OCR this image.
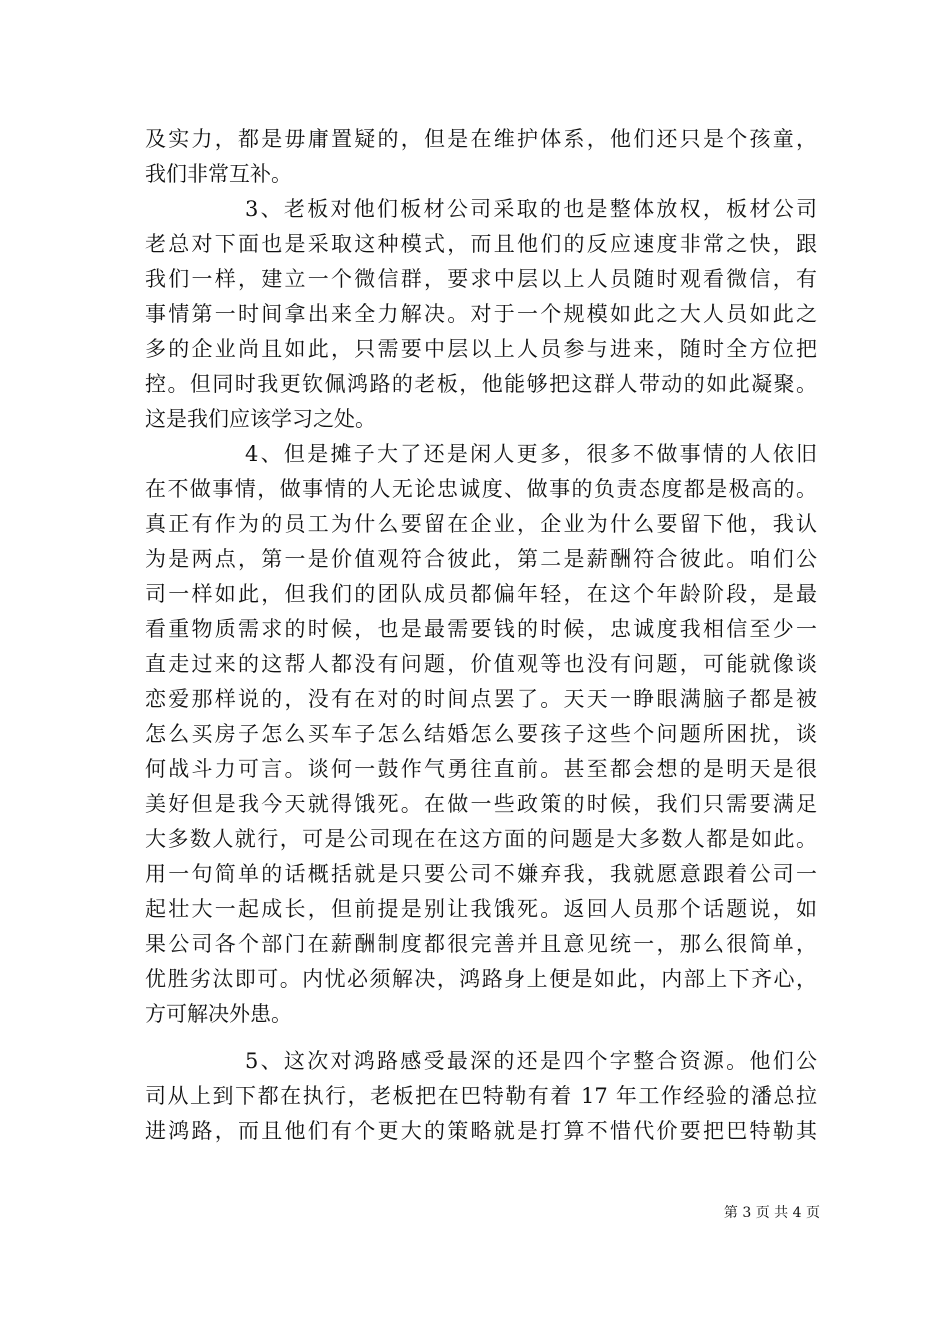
及实力，都是毋庸置疑的，但是在维护体系，他们还只是个孩童，
我们非常互补。
3、老板对他们板材公司采取的也是整体放权，板材公司
老总对下面也是采取这种模式，而且他们的反应速度非常之快，跟
我们一样，建立一个微信群，要求中层以上人员随时观看微信，有
事情第一时间拿出来全力解决。对于一个规模如此之大人员如此之
多的企业尚且如此，只需要中层以上人员参与进来，随时全方位把
控。但同时我更钦佩鸿路的老板，他能够把这群人带动的如此凝聚。
这是我们应该学习之处。
4、但是摊子大了还是闲人更多，很多不做事情的人依旧
在不做事情，做事情的人无论忠诚度、做事的负责态度都是极高的。
真正有作为的员工为什么要留在企业，企业为什么要留下他，我认
为是两点，第一是价值观符合彼此，第二是薪酬符合彼此。咱们公
司一样如此，但我们的团队成员都偏年轻，在这个年龄阶段，是最
看重物质需求的时候，也是最需要钱的时候，忠诚度我相信至少一
直走过来的这帮人都没有问题，价值观等也没有问题，可能就像谈
恋爱那样说的，没有在对的时间点罢了。天天一睁眼满脑子都是被
怎么买房子怎么买车子怎么结婚怎么要孩子这些个问题所困扰，谈
何战斗力可言。谈何一鼓作气勇往直前。甚至都会想的是明天是很
美好但是我今天就得饿死。在做一些政策的时候，我们只需要满足
大多数人就行，可是公司现在在这方面的问题是大多数人都是如此。
用一句简单的话概括就是只要公司不嫌弃我，我就愿意跟着公司一
起壮大一起成长，但前提是别让我饿死。返回人员那个话题说，如
果公司各个部门在薪酬制度都很完善并且意见统一，那么很简单，
优胜劣汰即可。内忧必须解决，鸿路身上便是如此，内部上下齐心，
方可解决外患。
5、这次对鸿路感受最深的还是四个字整合资源。他们公
司从上到下都在执行，老板把在巴特勒有着 17 年工作经验的潘总拉
进鸿路，而且他们有个更大的策略就是打算不惜代价要把巴特勒其
第 3 页 共 4 页
